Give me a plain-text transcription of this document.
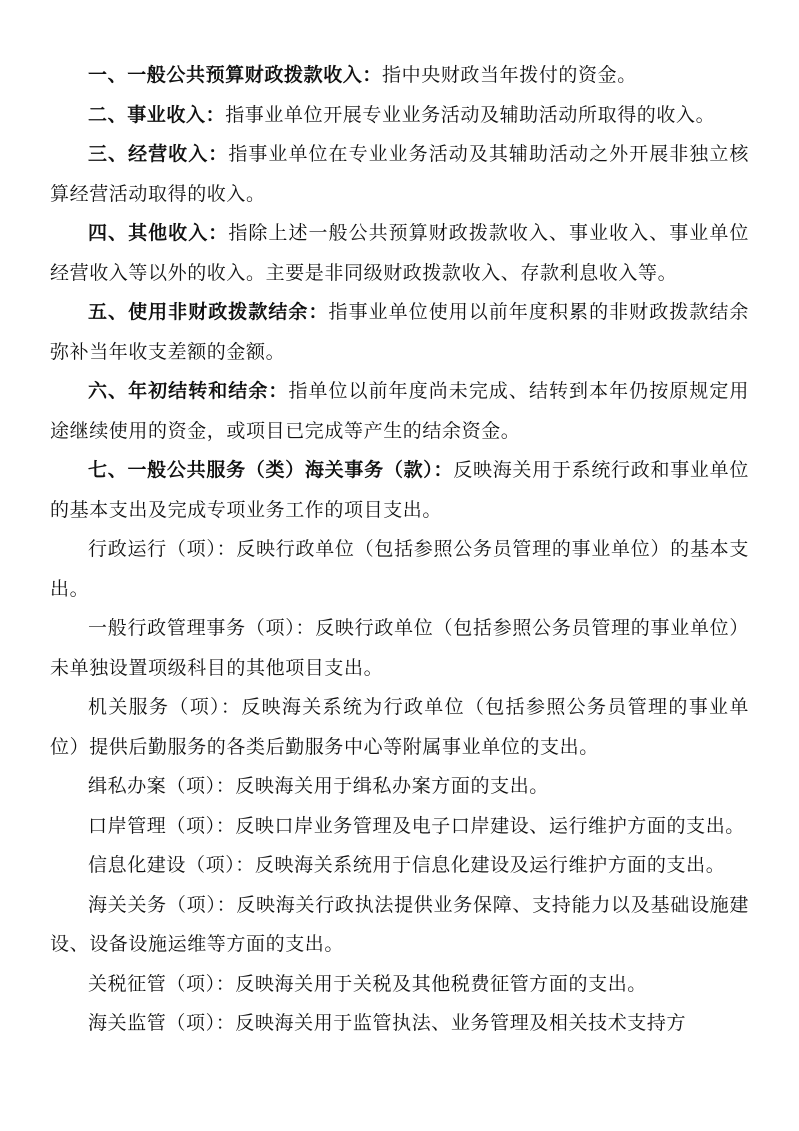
一、一般公共预算财政拨款收入：指中央财政当年拨付的资金。

二、事业收入：指事业单位开展专业业务活动及辅助活动所取得的收入。

三、经营收入：指事业单位在专业业务活动及其辅助活动之外开展非独立核算经营活动取得的收入。

四、其他收入：指除上述一般公共预算财政拨款收入、事业收入、事业单位经营收入等以外的收入。主要是非同级财政拨款收入、存款利息收入等。

五、使用非财政拨款结余：指事业单位使用以前年度积累的非财政拨款结余弥补当年收支差额的金额。

六、年初结转和结余：指单位以前年度尚未完成、结转到本年仍按原规定用途继续使用的资金，或项目已完成等产生的结余资金。

七、一般公共服务（类）海关事务（款）：反映海关用于系统行政和事业单位的基本支出及完成专项业务工作的项目支出。

行政运行（项）：反映行政单位（包括参照公务员管理的事业单位）的基本支出。

一般行政管理事务（项）：反映行政单位（包括参照公务员管理的事业单位）未单独设置项级科目的其他项目支出。

机关服务（项）：反映海关系统为行政单位（包括参照公务员管理的事业单位）提供后勤服务的各类后勤服务中心等附属事业单位的支出。

缉私办案（项）：反映海关用于缉私办案方面的支出。

口岸管理（项）：反映口岸业务管理及电子口岸建设、运行维护方面的支出。

信息化建设（项）：反映海关系统用于信息化建设及运行维护方面的支出。

海关关务（项）：反映海关行政执法提供业务保障、支持能力以及基础设施建设、设备设施运维等方面的支出。

关税征管（项）：反映海关用于关税及其他税费征管方面的支出。

海关监管（项）：反映海关用于监管执法、业务管理及相关技术支持方
